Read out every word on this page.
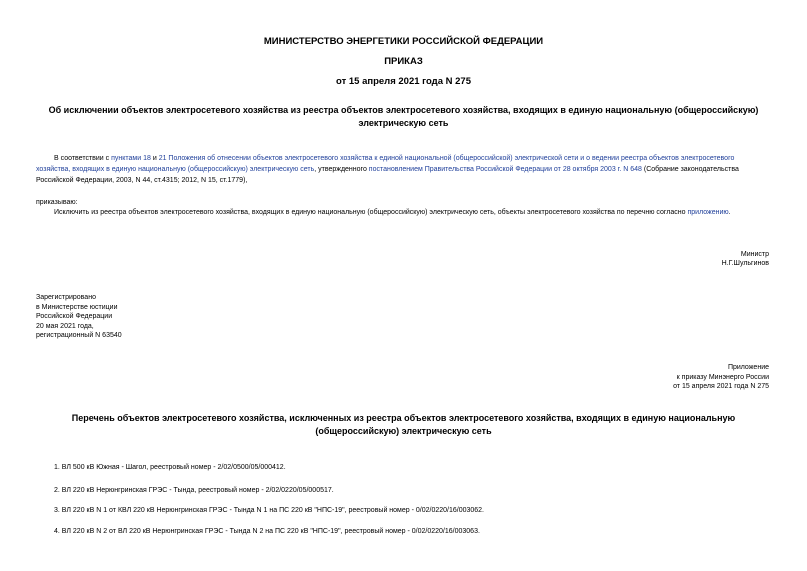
МИНИСТЕРСТВО ЭНЕРГЕТИКИ РОССИЙСКОЙ ФЕДЕРАЦИИ
ПРИКАЗ
от 15 апреля 2021 года N 275
Об исключении объектов электросетевого хозяйства из реестра объектов электросетевого хозяйства, входящих в единую национальную (общероссийскую)
электрическую сеть
В соответствии с пунктами 18 и 21 Положения об отнесении объектов электросетевого хозяйства к единой национальной (общероссийской) электрической сети и о ведении реестра объектов электросетевого
хозяйства, входящих в единую национальную (общероссийскую) электрическую сеть, утвержденного постановлением Правительства Российской Федерации от 28 октября 2003 г. N 648 (Собрание законодательства
Российской Федерации, 2003, N 44, ст.4315; 2012, N 15, ст.1779),
приказываю:
Исключить из реестра объектов электросетевого хозяйства, входящих в единую национальную (общероссийскую) электрическую сеть, объекты электросетевого хозяйства по перечню согласно приложению.
Министр
Н.Г.Шульгинов
Зарегистрировано
в Министерстве юстиции
Российской Федерации
20 мая 2021 года,
регистрационный N 63540
Приложение
к приказу Минэнерго России
от 15 апреля 2021 года N 275
Перечень объектов электросетевого хозяйства, исключенных из реестра объектов электросетевого хозяйства, входящих в единую национальную
(общероссийскую) электрическую сеть
1. ВЛ 500 кВ Южная - Шагол, реестровый номер - 2/02/0500/05/000412.
2. ВЛ 220 кВ Нерюнгринская ГРЭС - Тында, реестровый номер - 2/02/0220/05/000517.
3. ВЛ 220 кВ N 1 от КВЛ 220 кВ Нерюнгринская ГРЭС - Тында N 1 на ПС 220 кВ "НПС-19", реестровый номер - 0/02/0220/16/003062.
4. ВЛ 220 кВ N 2 от ВЛ 220 кВ Нерюнгринская ГРЭС - Тында N 2 на ПС 220 кВ "НПС-19", реестровый номер - 0/02/0220/16/003063.
